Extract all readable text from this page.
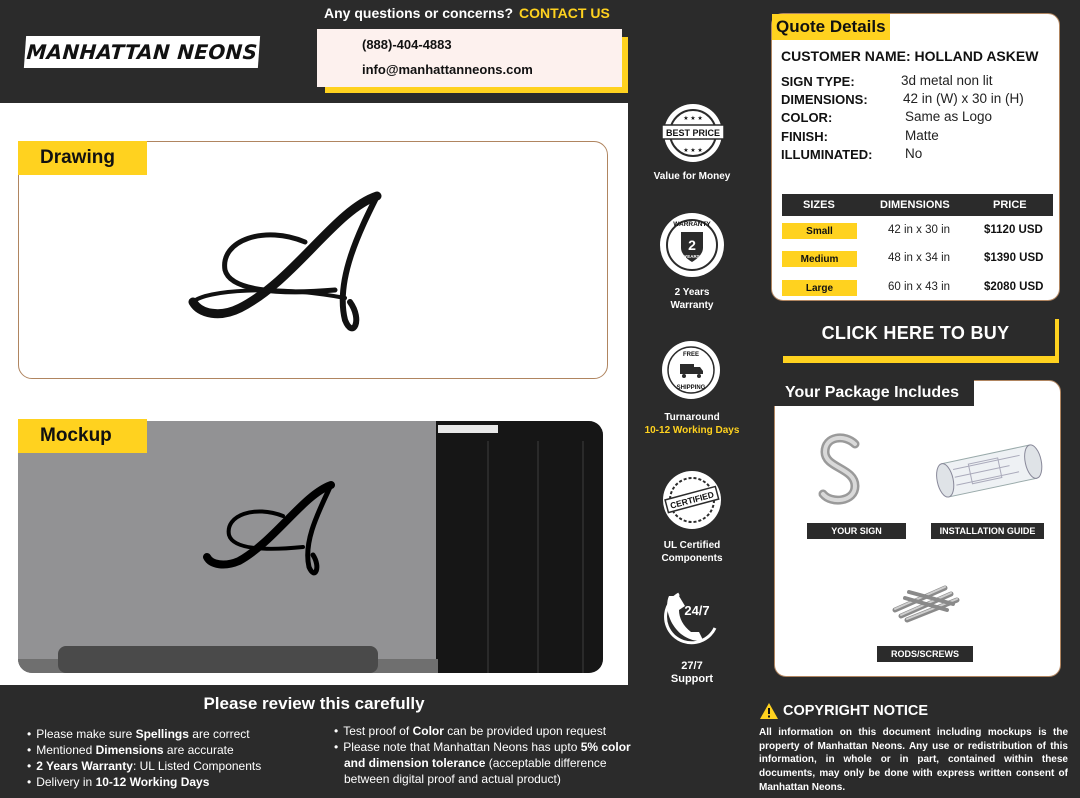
MANHATTAN NEONS
Any questions or concerns? CONTACT US
(888)-404-4883
info@manhattanneons.com
Drawing
Mockup
BEST PRICE
★ ★ ★
★ ★ ★
Value for Money
2
YEARS
WARRANTY
2 Years
Warranty
FREE
SHIPPING
Turnaround
10-12 Working Days
CERTIFIED
UL Certified
Components
24/7
27/7
Support
Quote Details
CUSTOMER NAME: HOLLAND ASKEW
SIGN TYPE:	3d metal non lit
DIMENSIONS:	42 in (W) x 30 in (H)
COLOR:	Same as Logo
FINISH:	Matte
ILLUMINATED: No
SIZES	DIMENSIONS	PRICE
Small	42 in x 30 in	$1120 USD
Medium	48 in x 34 in	$1390 USD
Large	60 in x 43 in	$2080 USD
CLICK HERE TO BUY
Your Package Includes
YOUR SIGN	INSTALLATION GUIDE
RODS/SCREWS
Please review this carefully
• Please make sure Spellings are correct
• Mentioned Dimensions are accurate
• 2 Years Warranty: UL Listed Components
• Delivery in 10-12 Working Days
• Test proof of Color can be provided upon request
• Please note that Manhattan Neons has upto 5% color and dimension tolerance (acceptable difference between digital proof and actual product)
COPYRIGHT NOTICE
All information on this document including mockups is the property of Manhattan Neons. Any use or redistribution of this information, in whole or in part, contained within these documents, may only be done with express written consent of Manhattan Neons.
